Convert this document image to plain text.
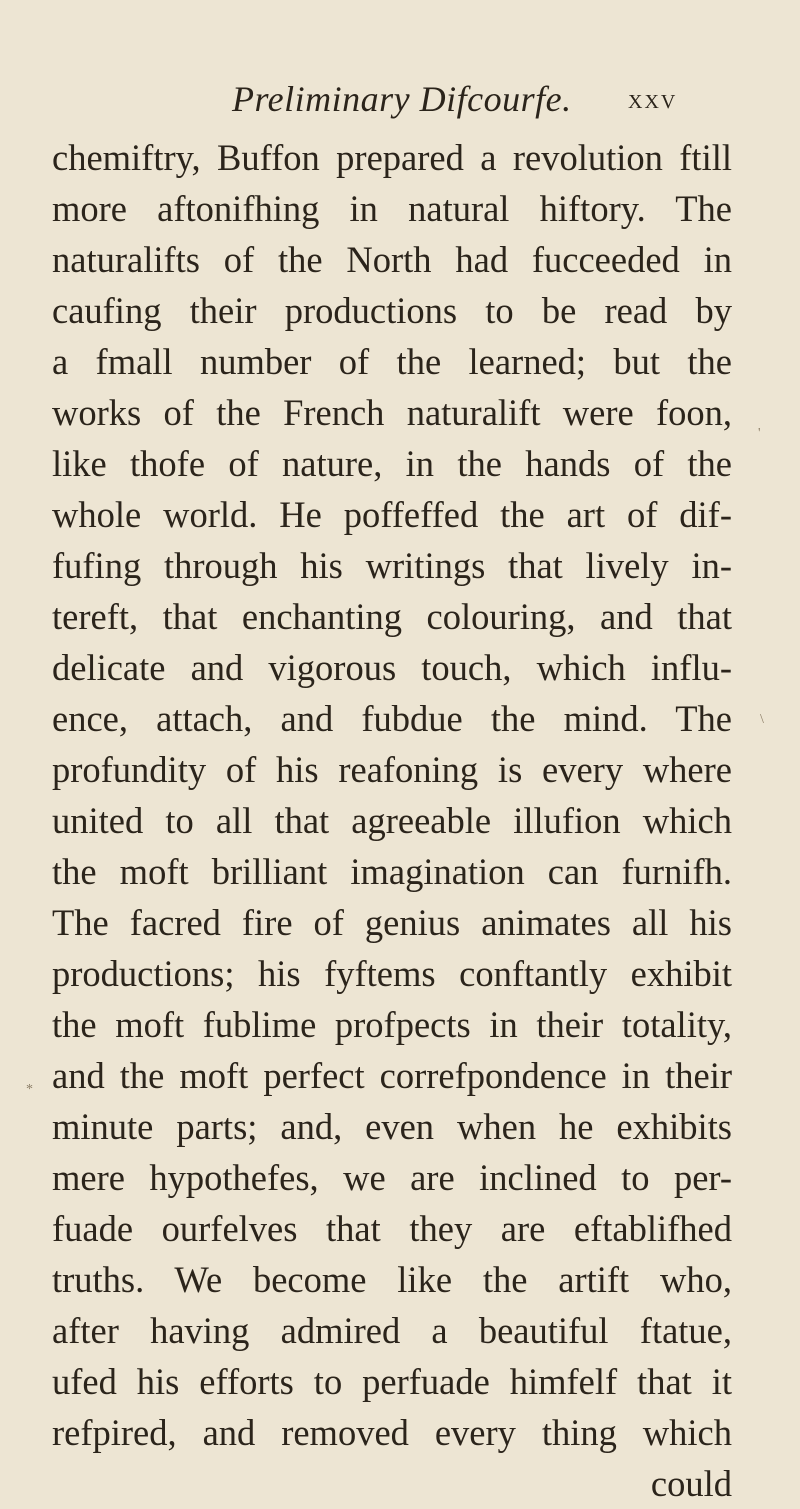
Preliminary Difcourfe. xxv
chemiftry, Buffon prepared a revolution ftill
more aftonifhing in natural hiftory. The
naturalifts of the North had fucceeded in
caufing their productions to be read by
a fmall number of the learned; but the
works of the French naturalift were foon,
like thofe of nature, in the hands of the
whole world. He poffeffed the art of dif-
fufing through his writings that lively in-
tereft, that enchanting colouring, and that
delicate and vigorous touch, which influ-
ence, attach, and fubdue the mind. The
profundity of his reafoning is every where
united to all that agreeable illufion which
the moft brilliant imagination can furnifh.
The facred fire of genius animates all his
productions; his fyftems conftantly exhibit
the moft fublime profpects in their totality,
and the moft perfect correfpondence in their
minute parts; and, even when he exhibits
mere hypothefes, we are inclined to per-
fuade ourfelves that they are eftablifhed
truths. We become like the artift who,
after having admired a beautiful ftatue,
ufed his efforts to perfuade himfelf that it
refpired, and removed every thing which
could
'
\
*
